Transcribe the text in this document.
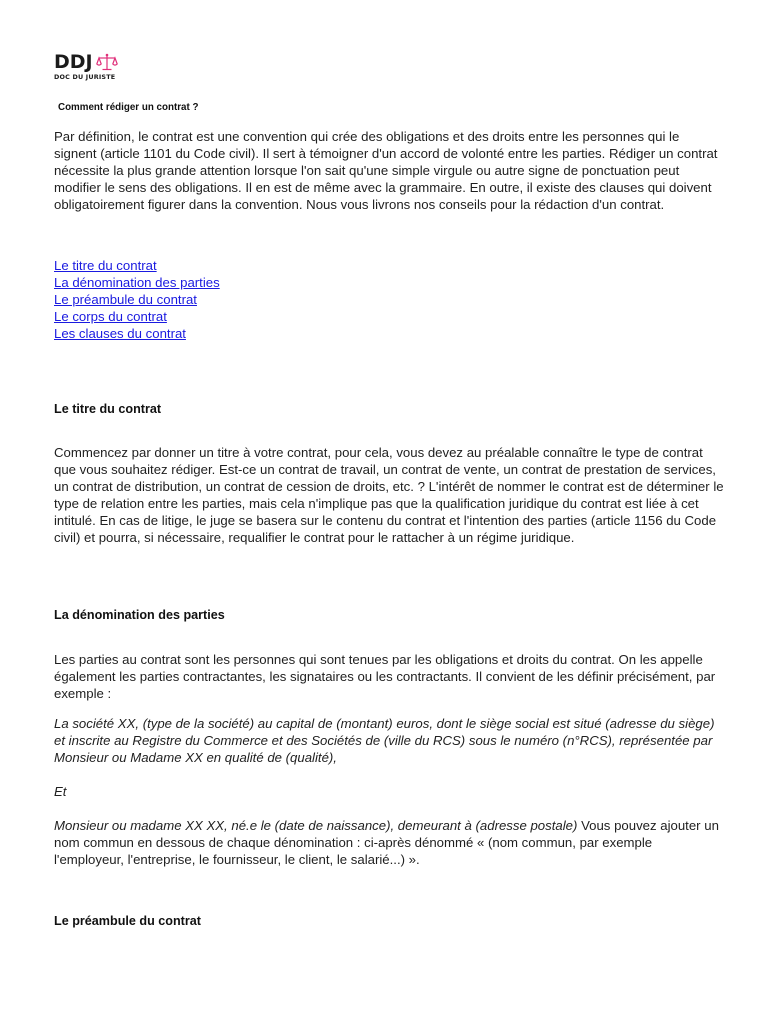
DDJ
DOC DU JURISTE
Comment rédiger un contrat ?

Par définition, le contrat est une convention qui crée des obligations et des droits entre les personnes qui le signent (article 1101 du Code civil). Il sert à témoigner d'un accord de volonté entre les parties. Rédiger un contrat nécessite la plus grande attention lorsque l'on sait qu'une simple virgule ou autre signe de ponctuation peut modifier le sens des obligations. Il en est de même avec la grammaire. En outre, il existe des clauses qui doivent obligatoirement figurer dans la convention. Nous vous livrons nos conseils pour la rédaction d'un contrat.

Le titre du contrat
La dénomination des parties
Le préambule du contrat
Le corps du contrat
Les clauses du contrat
Le titre du contrat

Commencez par donner un titre à votre contrat, pour cela, vous devez au préalable connaître le type de contrat que vous souhaitez rédiger. Est-ce un contrat de travail, un contrat de vente, un contrat de prestation de services, un contrat de distribution, un contrat de cession de droits, etc. ? L'intérêt de nommer le contrat est de déterminer le type de relation entre les parties, mais cela n'implique pas que la qualification juridique du contrat est liée à cet intitulé. En cas de litige, le juge se basera sur le contenu du contrat et l'intention des parties (article 1156 du Code civil) et pourra, si nécessaire, requalifier le contrat pour le rattacher à un régime juridique.

La dénomination des parties

Les parties au contrat sont les personnes qui sont tenues par les obligations et droits du contrat. On les appelle également les parties contractantes, les signataires ou les contractants. Il convient de les définir précisément, par exemple :

La société XX, (type de la société) au capital de (montant) euros, dont le siège social est situé (adresse du siège) et inscrite au Registre du Commerce et des Sociétés de (ville du RCS) sous le numéro (n°RCS), représentée par Monsieur ou Madame XX en qualité de (qualité),

Et

Monsieur ou madame XX XX, né.e le (date de naissance), demeurant à (adresse postale) Vous pouvez ajouter un nom commun en dessous de chaque dénomination : ci-après dénommé « (nom commun, par exemple l'employeur, l'entreprise, le fournisseur, le client, le salarié...) ».

Le préambule du contrat
